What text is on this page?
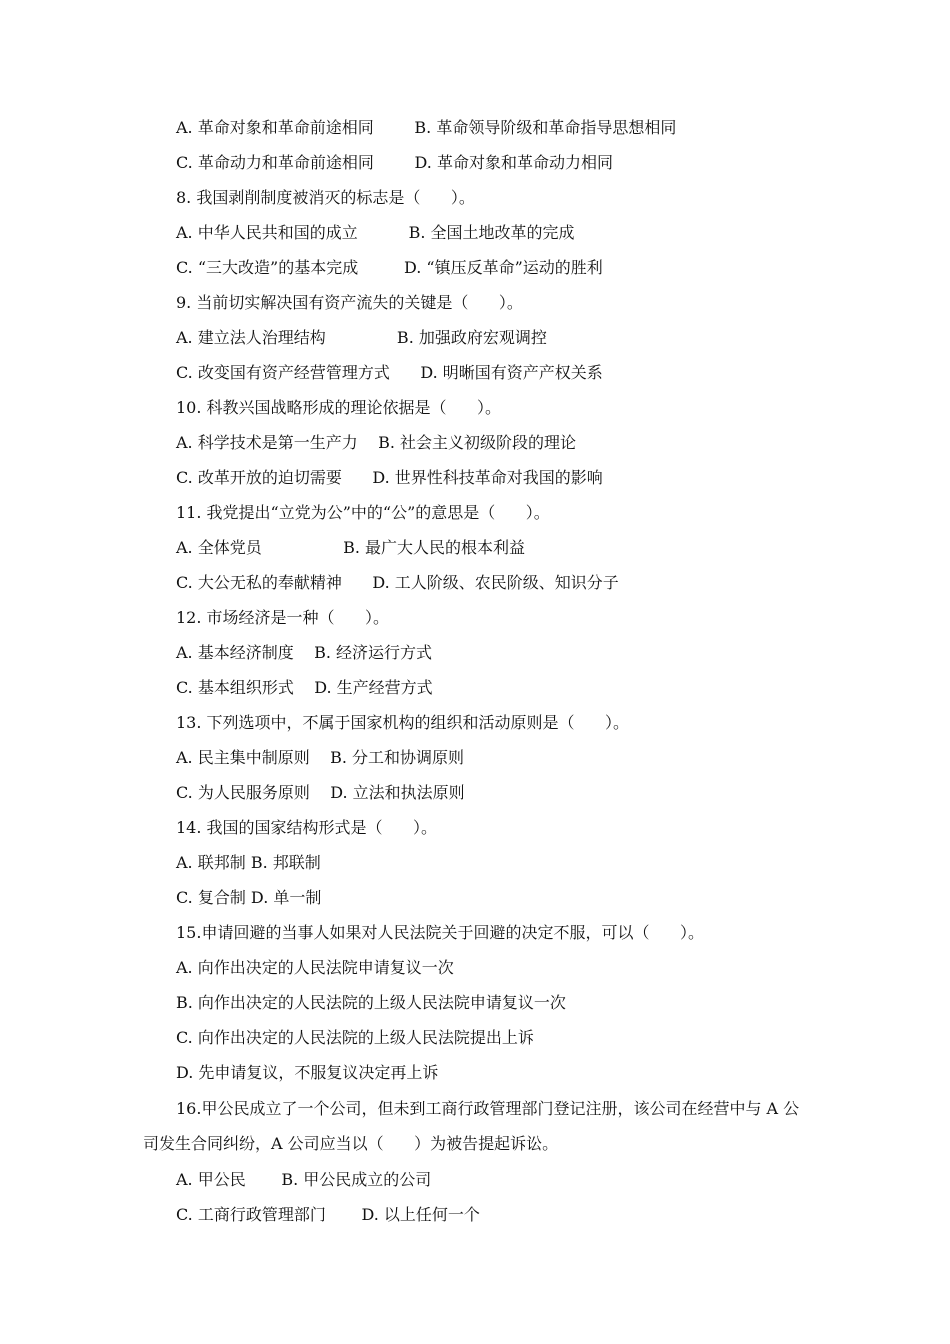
A. 革命对象和革命前途相同        B. 革命领导阶级和革命指导思想相同
C. 革命动力和革命前途相同        D. 革命对象和革命动力相同
8. 我国剥削制度被消灭的标志是（      ）。
A. 中华人民共和国的成立          B. 全国土地改革的完成
C. “三大改造”的基本完成         D. “镇压反革命”运动的胜利
9. 当前切实解决国有资产流失的关键是（      ）。
A. 建立法人治理结构              B. 加强政府宏观调控
C. 改变国有资产经营管理方式      D. 明晰国有资产产权关系
10. 科教兴国战略形成的理论依据是（      ）。
A. 科学技术是第一生产力    B. 社会主义初级阶段的理论
C. 改革开放的迫切需要      D. 世界性科技革命对我国的影响
11. 我党提出“立党为公”中的“公”的意思是（      ）。
A. 全体党员                B. 最广大人民的根本利益
C. 大公无私的奉献精神      D. 工人阶级、农民阶级、知识分子
12. 市场经济是一种（      ）。
A. 基本经济制度    B. 经济运行方式
C. 基本组织形式    D. 生产经营方式
13. 下列选项中，不属于国家机构的组织和活动原则是（      ）。
A. 民主集中制原则    B. 分工和协调原则
C. 为人民服务原则    D. 立法和执法原则
14. 我国的国家结构形式是（      ）。
A. 联邦制 B. 邦联制
C. 复合制 D. 单一制
15.申请回避的当事人如果对人民法院关于回避的决定不服，可以（      ）。
A. 向作出决定的人民法院申请复议一次
B. 向作出决定的人民法院的上级人民法院申请复议一次
C. 向作出决定的人民法院的上级人民法院提出上诉
D. 先申请复议，不服复议决定再上诉
16.甲公民成立了一个公司，但未到工商行政管理部门登记注册，该公司在经营中与 A 公
司发生合同纠纷，A 公司应当以（      ）为被告提起诉讼。
A. 甲公民       B. 甲公民成立的公司
C. 工商行政管理部门       D. 以上任何一个
